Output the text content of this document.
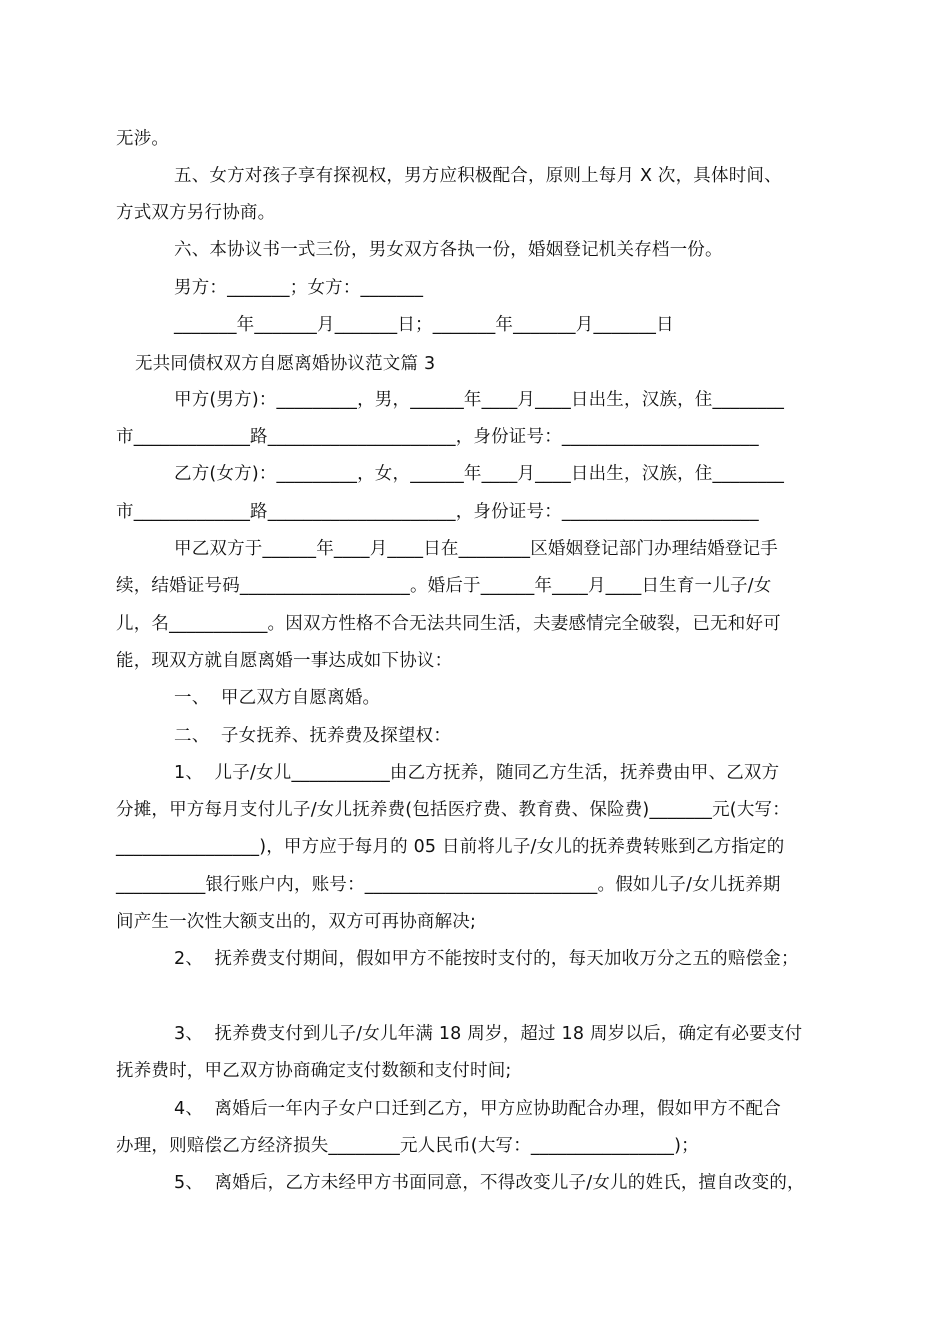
无涉。
五、女方对孩子享有探视权，男方应积极配合，原则上每月 X 次，具体时间、
方式双方另行协商。
六、本协议书一式三份，男女双方各执一份，婚姻登记机关存档一份。
男方：_______；女方：_______
_______年_______月_______日；_______年_______月_______日
无共同债权双方自愿离婚协议范文篇 3
甲方(男方)：_________，男，______年____月____日出生，汉族，住________
市_____________路_____________________，身份证号：______________________
乙方(女方)：_________，女，______年____月____日出生，汉族，住________
市_____________路_____________________，身份证号：______________________
甲乙双方于______年____月____日在________区婚姻登记部门办理结婚登记手
续，结婚证号码___________________。婚后于______年____月____日生育一儿子/女
儿，名___________。因双方性格不合无法共同生活，夫妻感情完全破裂，已无和好可
能，现双方就自愿离婚一事达成如下协议：
一、  甲乙双方自愿离婚。
二、  子女抚养、抚养费及探望权：
1、  儿子/女儿___________由乙方抚养，随同乙方生活，抚养费由甲、乙双方
分摊，甲方每月支付儿子/女儿抚养费(包括医疗费、教育费、保险费)_______元(大写：
________________)，甲方应于每月的 05 日前将儿子/女儿的抚养费转账到乙方指定的
__________银行账户内，账号：__________________________。假如儿子/女儿抚养期
间产生一次性大额支出的，双方可再协商解决;
2、  抚养费支付期间，假如甲方不能按时支付的，每天加收万分之五的赔偿金；
3、  抚养费支付到儿子/女儿年满 18 周岁，超过 18 周岁以后，确定有必要支付
抚养费时，甲乙双方协商确定支付数额和支付时间;
4、  离婚后一年内子女户口迁到乙方，甲方应协助配合办理，假如甲方不配合
办理，则赔偿乙方经济损失________元人民币(大写：________________)；
5、  离婚后，乙方未经甲方书面同意，不得改变儿子/女儿的姓氏，擅自改变的，
